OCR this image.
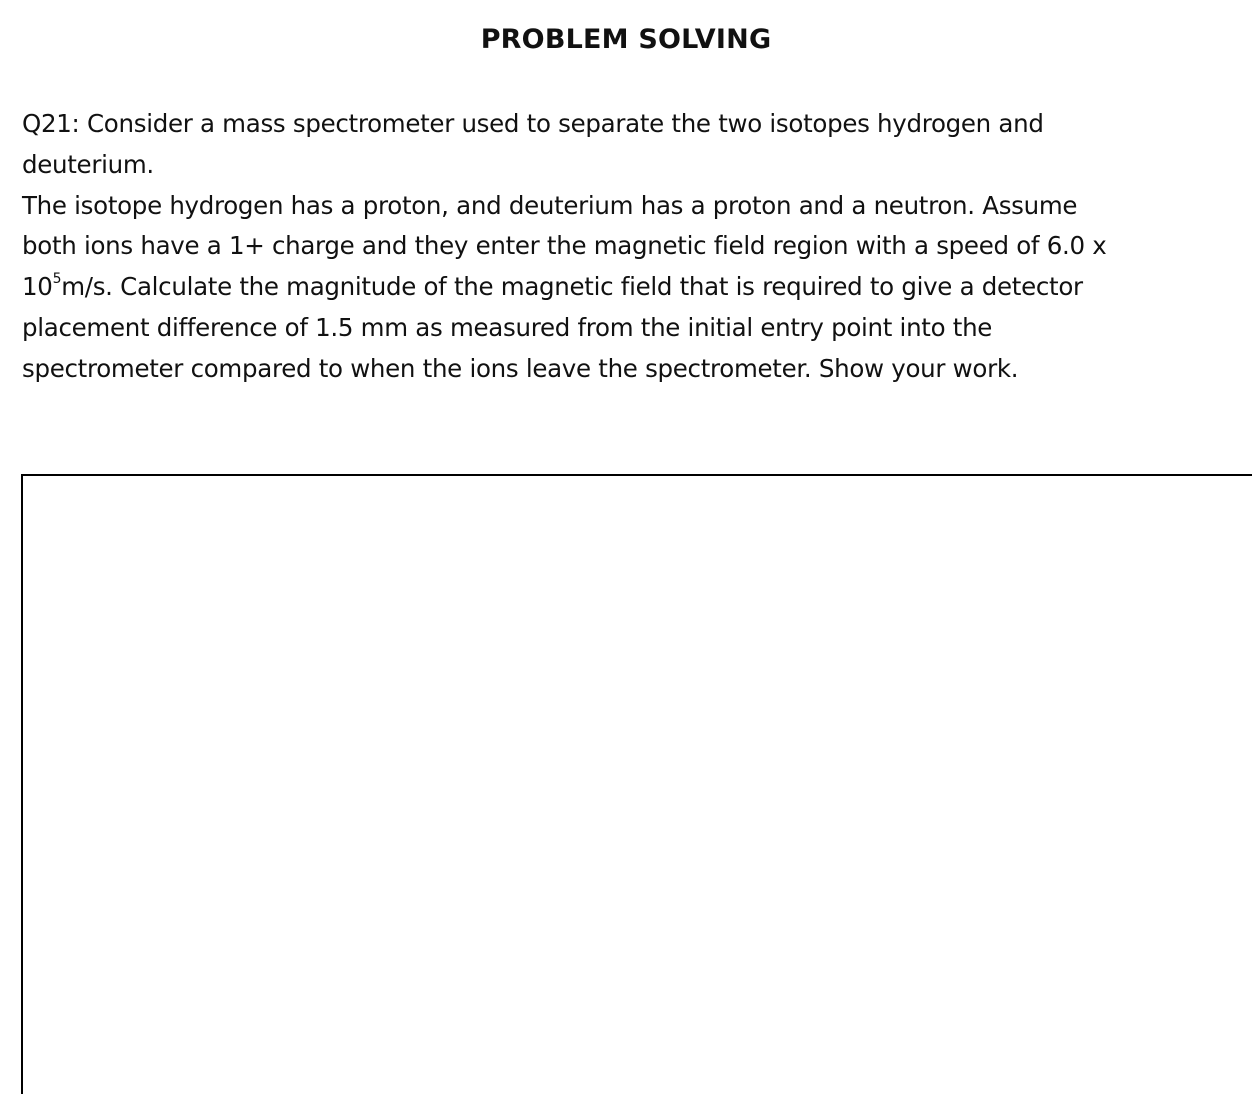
PROBLEM SOLVING
Q21: Consider a mass spectrometer used to separate the two isotopes hydrogen and
deuterium.
The isotope hydrogen has a proton, and deuterium has a proton and a neutron. Assume
both ions have a 1+ charge and they enter the magnetic field region with a speed of 6.0 x
$10^5m/s$. Calculate the magnitude of the magnetic field that is required to give a detector
placement difference of 1.5 mm as measured from the initial entry point into the
spectrometer compared to when the ions leave the spectrometer. Show your work.
